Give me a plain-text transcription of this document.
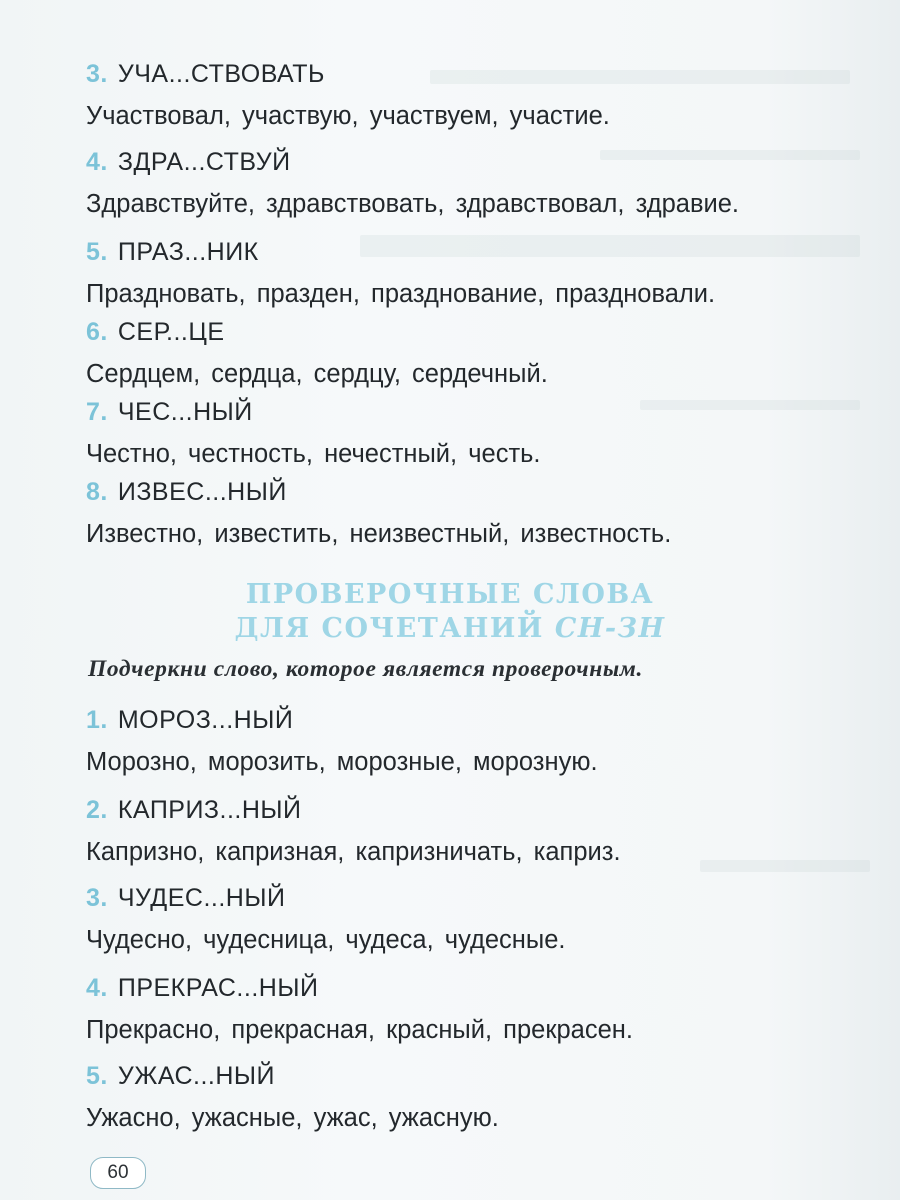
3. УЧА...СТВОВАТЬ
Участвовал, участвую, участвуем, участие.
4. ЗДРА...СТВУЙ
Здравствуйте, здравствовать, здравствовал, здравие.
5. ПРАЗ...НИК
Праздновать, празден, празднование, праздновали.
6. СЕР...ЦЕ
Сердцем, сердца, сердцу, сердечный.
7. ЧЕС...НЫЙ
Честно, честность, нечестный, честь.
8. ИЗВЕС...НЫЙ
Известно, известить, неизвестный, известность.
ПРОВЕРОЧНЫЕ СЛОВА
ДЛЯ СОЧЕТАНИЙ СН-ЗН
Подчеркни слово, которое является проверочным.
1. МОРОЗ...НЫЙ
Морозно, морозить, морозные, морозную.
2. КАПРИЗ...НЫЙ
Капризно, капризная, капризничать, каприз.
3. ЧУДЕС...НЫЙ
Чудесно, чудесница, чудеса, чудесные.
4. ПРЕКРАС...НЫЙ
Прекрасно, прекрасная, красный, прекрасен.
5. УЖАС...НЫЙ
Ужасно, ужасные, ужас, ужасную.
60
